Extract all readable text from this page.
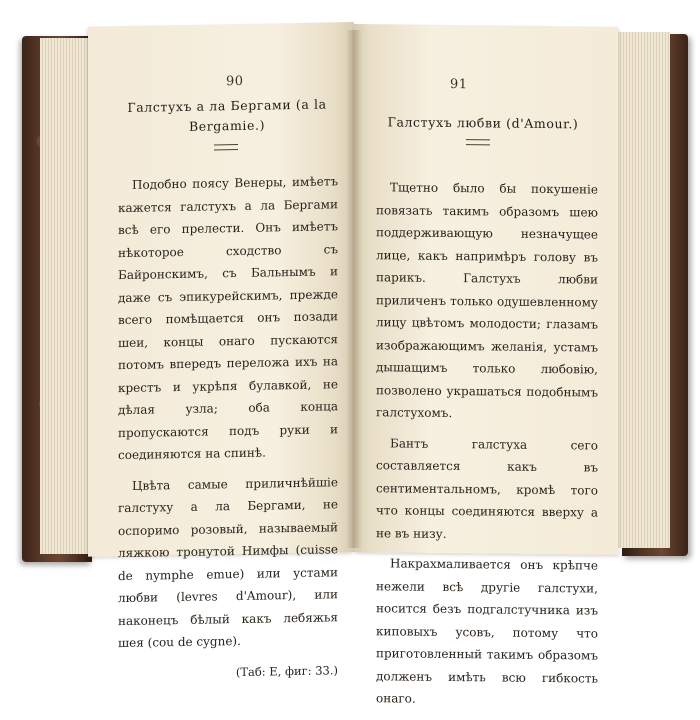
90
Галстухъ а ла Бергами (a la Bergamie.)

Подобно поясу Венеры, имѣетъ кажется галстухъ а ла Бергами всѣ его прелести. Онъ имѣетъ нѣкоторое сходство съ Байронскимъ, съ Бальнымъ и даже съ эпикурейскимъ, прежде всего помѣщается онъ позади шеи, концы онаго пускаются потомъ впередъ переложа ихъ на крестъ и укрѣпя булавкой, не дѣлая узла; оба конца пропускаются подъ руки и соединяются на спинѣ.

Цвѣта самые приличнѣйшіе галстуху а ла Бергами, не оспоримо розовый, называемый ляжкою тронутой Нимфы (cuisse de nymphe emue) или устами любви (levres d'Amour), или наконецъ бѣлый какъ лебяжья шея (cou de cygne).

(Таб: Е, фиг: 33.)
91
Галстухъ любви (d'Amour.)

Тщетно было бы покушеніе повязать такимъ образомъ шею поддерживающую незначущее лице, какъ напримѣръ голову въ парикъ. Галстухъ любви приличенъ только одушевленному лицу цвѣтомъ молодости; глазамъ изображающимъ желанія, устамъ дышащимъ только любовію, позволено украшаться подобнымъ галстухомъ.

Бантъ галстуха сего составляется какъ въ сентиментальномъ, кромѣ того что концы соединяются вверху а не въ низу.

Накрахмаливается онъ крѣпче нежели всѣ другіе галстухи, носится безъ подгалстучника изъ киповыхъ усовъ, потому что приготовленный такимъ образомъ долженъ имѣть всю гибкость онаго.
